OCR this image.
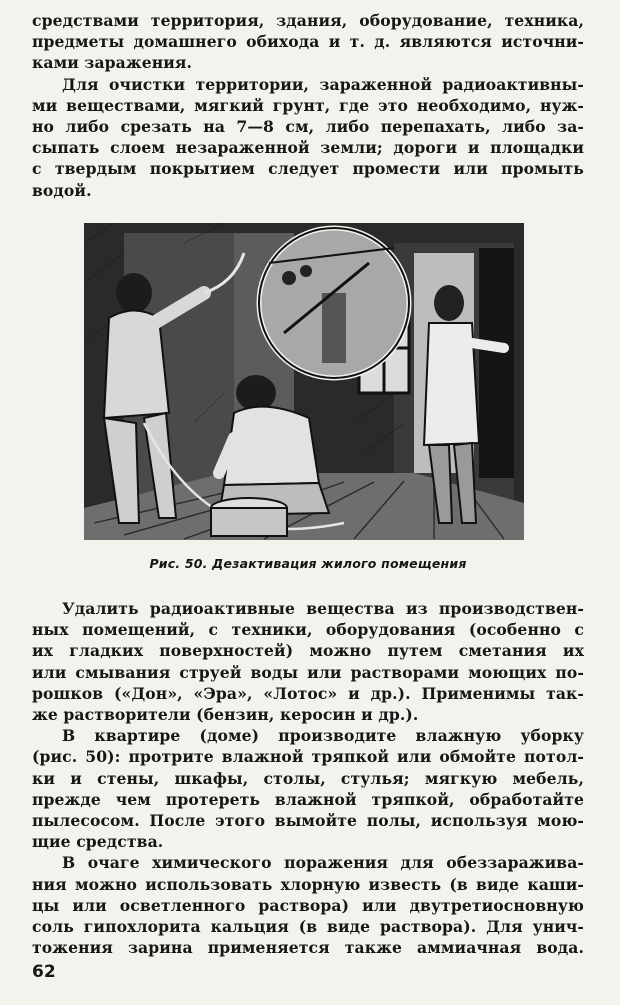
средствами территория, здания, оборудование, техника,
предметы домашнего обихода и т. д. являются источни-
ками заражения.

Для очистки территории, зараженной радиоактивны-
ми веществами, мягкий грунт, где это необходимо, нуж-
но либо срезать на 7—8 см, либо перепахать, либо за-
сыпать слоем незараженной земли; дороги и площадки
с твердым покрытием следует промести или промыть
водой.

Рис. 50. Дезактивация жилого помещения

Удалить радиоактивные вещества из производствен-
ных помещений, с техники, оборудования (особенно с
их гладких поверхностей) можно путем сметания их
или смывания струей воды или растворами моющих по-
рошков («Дон», «Эра», «Лотос» и др.). Применимы так-
же растворители (бензин, керосин и др.).

В квартире (доме) производите влажную уборку
(рис. 50): протрите влажной тряпкой или обмойте потол-
ки и стены, шкафы, столы, стулья; мягкую мебель,
прежде чем протереть влажной тряпкой, обработайте
пылесосом. После этого вымойте полы, используя мою-
щие средства.

В очаге химического поражения для обеззаражива-
ния можно использовать хлорную известь (в виде каши-
цы или осветленного раствора) или двутретиосновную
соль гипохлорита кальция (в виде раствора). Для унич-
тожения зарина применяется также аммиачная вода.

62
